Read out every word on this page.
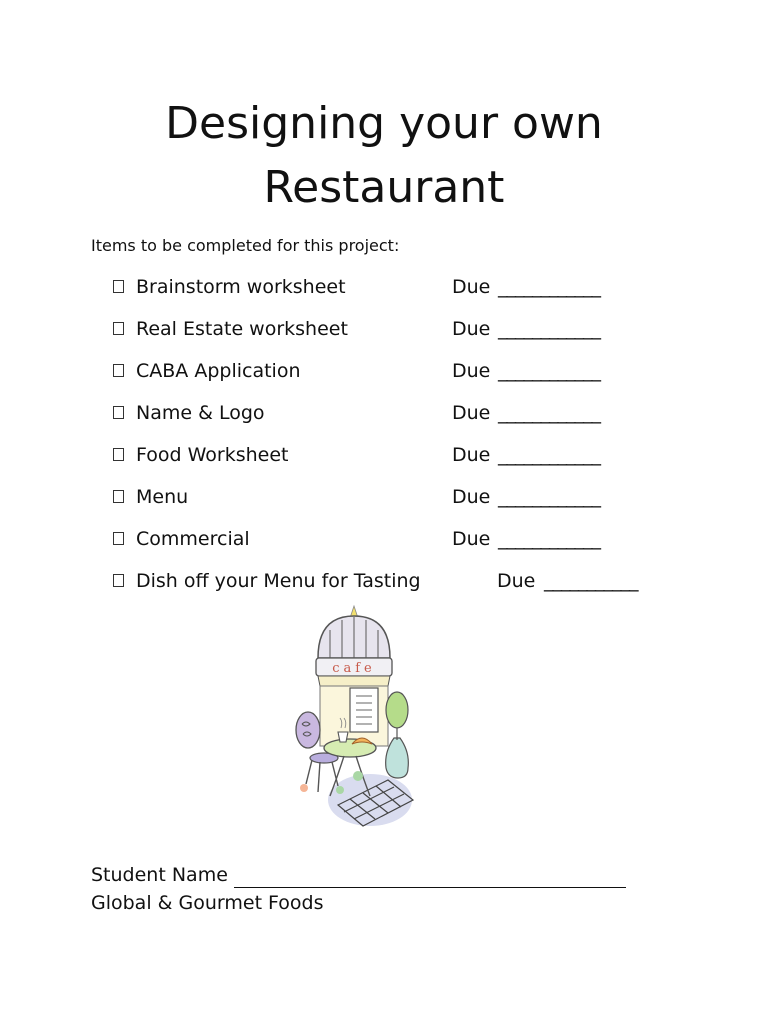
Designing your own
Restaurant
Items to be completed for this project:
Brainstorm worksheet	Due ____________
Real Estate worksheet	Due ____________
CABA Application	Due ____________
Name & Logo	Due ____________
Food Worksheet	Due ____________
Menu	Due ____________
Commercial	Due ____________
Dish off your Menu for Tasting	Due ___________
cafe
Student Name
Global & Gourmet Foods
